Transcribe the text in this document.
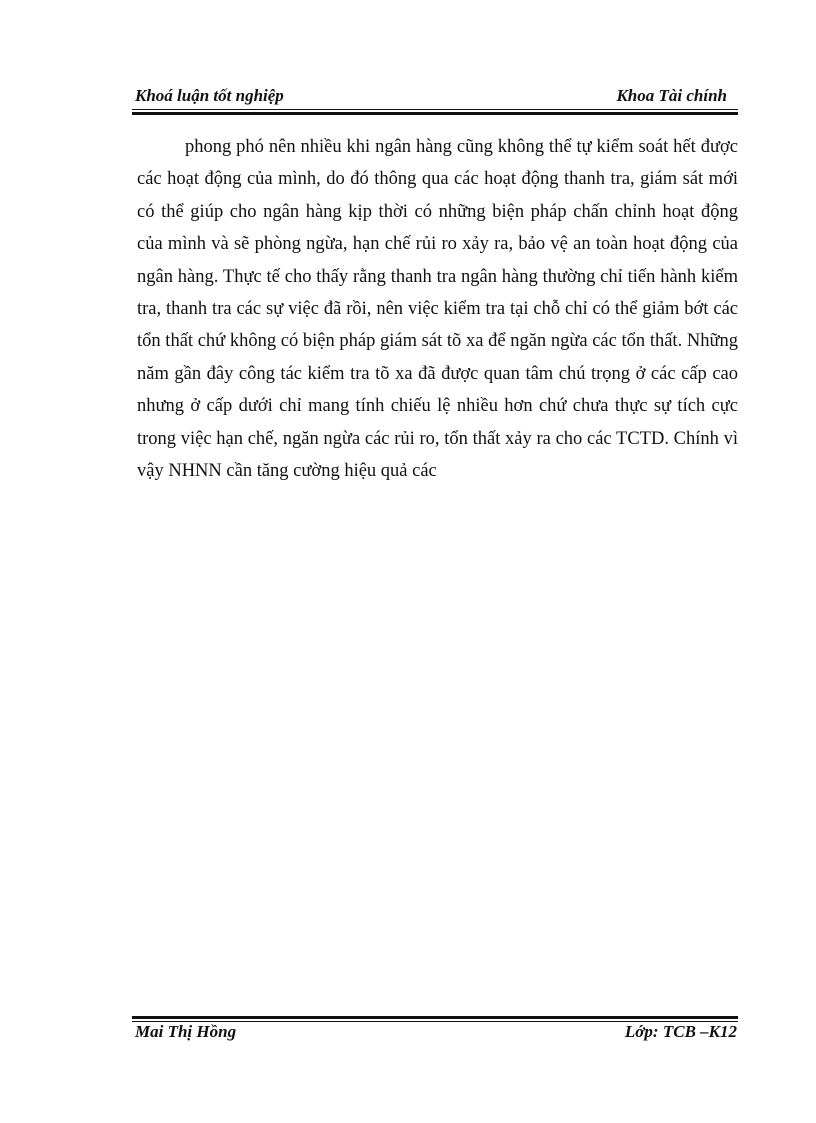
Khoá luận tốt nghiệp	Khoa Tài chính

phong phó nên nhiều khi ngân hàng cũng không thể tự kiểm soát hết được các hoạt động của mình, do đó thông qua các hoạt động thanh tra, giám sát mới có thể giúp cho ngân hàng kịp thời có những biện pháp chấn chỉnh hoạt động của mình và sẽ phòng ngừa, hạn chế rủi ro xảy ra, bảo vệ an toàn hoạt động của ngân hàng. Thực tế cho thấy rằng thanh tra ngân hàng thường chỉ tiến hành kiểm tra, thanh tra các sự việc đã rồi, nên việc kiểm tra tại chỗ chỉ có thể giảm bớt các tổn thất chứ không có biện pháp giám sát tõ xa để ngăn ngừa các tổn thất. Những năm gần đây công tác kiểm tra tõ xa đã được quan tâm chú trọng ở các cấp cao nhưng ở cấp dưới chỉ mang tính chiếu lệ nhiều hơn chứ chưa thực sự tích cực trong việc hạn chế, ngăn ngừa các rủi ro, tổn thất xảy ra cho các TCTD. Chính vì vậy NHNN cần tăng cường hiệu quả các

Mai Thị Hồng	Lớp: TCB –K12
